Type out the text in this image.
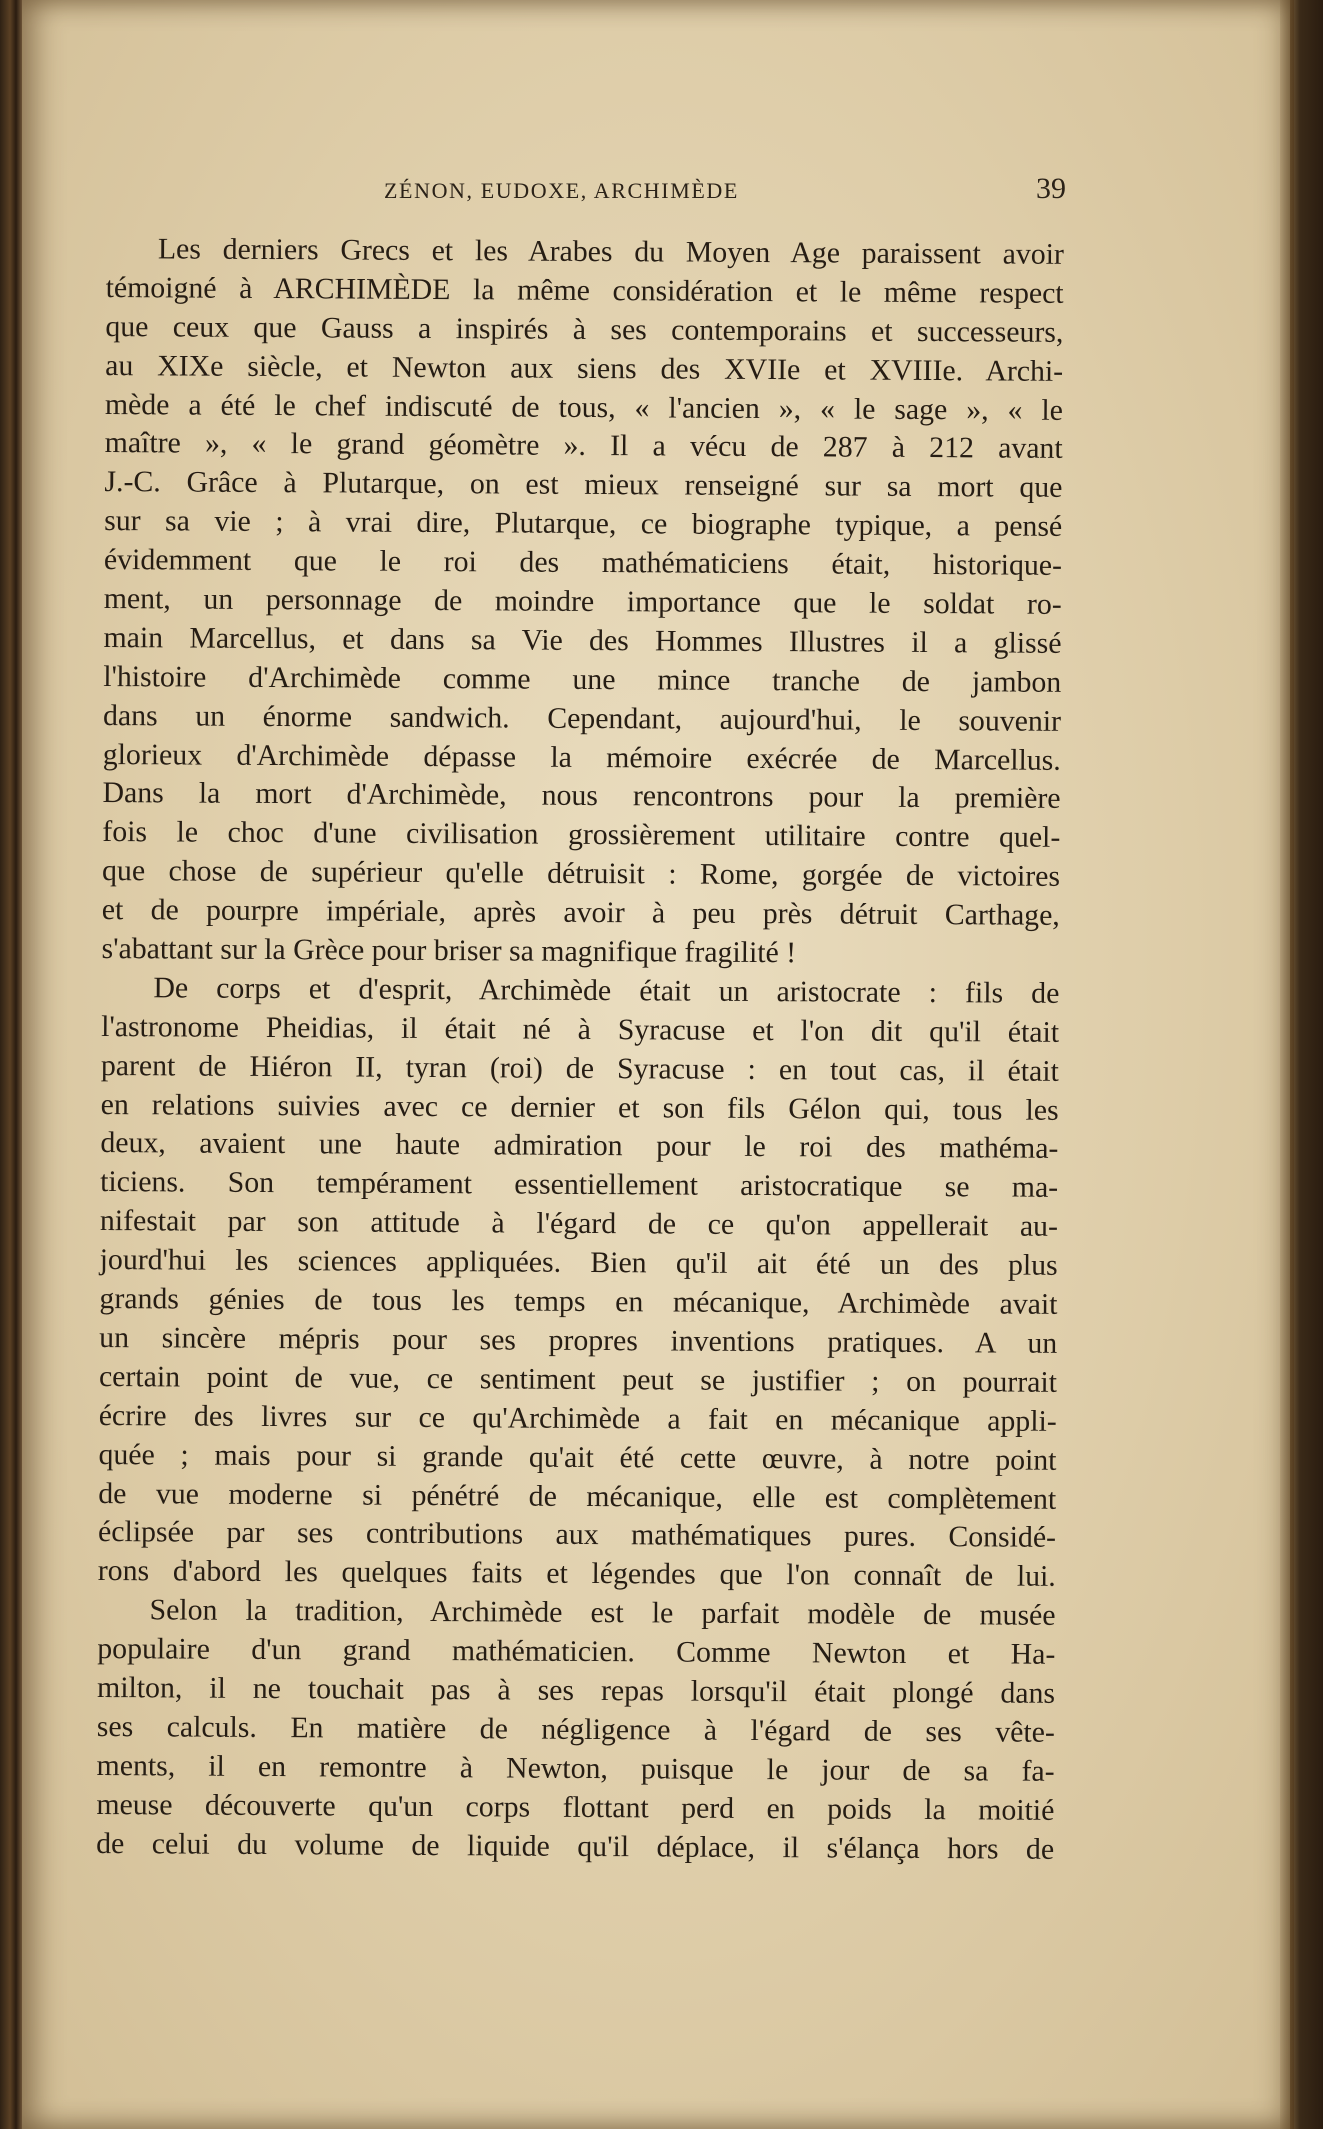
ZÉNON, EUDOXE, ARCHIMÈDE	39
Les derniers Grecs et les Arabes du Moyen Age paraissent avoir
témoigné à ARCHIMÈDE la même considération et le même respect
que ceux que Gauss a inspirés à ses contemporains et successeurs,
au XIXe siècle, et Newton aux siens des XVIIe et XVIIIe. Archi-
mède a été le chef indiscuté de tous, « l'ancien », « le sage », « le
maître », « le grand géomètre ». Il a vécu de 287 à 212 avant
J.-C. Grâce à Plutarque, on est mieux renseigné sur sa mort que
sur sa vie ; à vrai dire, Plutarque, ce biographe typique, a pensé
évidemment que le roi des mathématiciens était, historique-
ment, un personnage de moindre importance que le soldat ro-
main Marcellus, et dans sa Vie des Hommes Illustres il a glissé
l'histoire d'Archimède comme une mince tranche de jambon
dans un énorme sandwich. Cependant, aujourd'hui, le souvenir
glorieux d'Archimède dépasse la mémoire exécrée de Marcellus.
Dans la mort d'Archimède, nous rencontrons pour la première
fois le choc d'une civilisation grossièrement utilitaire contre quel-
que chose de supérieur qu'elle détruisit : Rome, gorgée de victoires
et de pourpre impériale, après avoir à peu près détruit Carthage,
s'abattant sur la Grèce pour briser sa magnifique fragilité !
De corps et d'esprit, Archimède était un aristocrate : fils de
l'astronome Pheidias, il était né à Syracuse et l'on dit qu'il était
parent de Hiéron II, tyran (roi) de Syracuse : en tout cas, il était
en relations suivies avec ce dernier et son fils Gélon qui, tous les
deux, avaient une haute admiration pour le roi des mathéma-
ticiens. Son tempérament essentiellement aristocratique se ma-
nifestait par son attitude à l'égard de ce qu'on appellerait au-
jourd'hui les sciences appliquées. Bien qu'il ait été un des plus
grands génies de tous les temps en mécanique, Archimède avait
un sincère mépris pour ses propres inventions pratiques. A un
certain point de vue, ce sentiment peut se justifier ; on pourrait
écrire des livres sur ce qu'Archimède a fait en mécanique appli-
quée ; mais pour si grande qu'ait été cette œuvre, à notre point
de vue moderne si pénétré de mécanique, elle est complètement
éclipsée par ses contributions aux mathématiques pures. Considé-
rons d'abord les quelques faits et légendes que l'on connaît de lui.
Selon la tradition, Archimède est le parfait modèle de musée
populaire d'un grand mathématicien. Comme Newton et Ha-
milton, il ne touchait pas à ses repas lorsqu'il était plongé dans
ses calculs. En matière de négligence à l'égard de ses vête-
ments, il en remontre à Newton, puisque le jour de sa fa-
meuse découverte qu'un corps flottant perd en poids la moitié
de celui du volume de liquide qu'il déplace, il s'élança hors de
